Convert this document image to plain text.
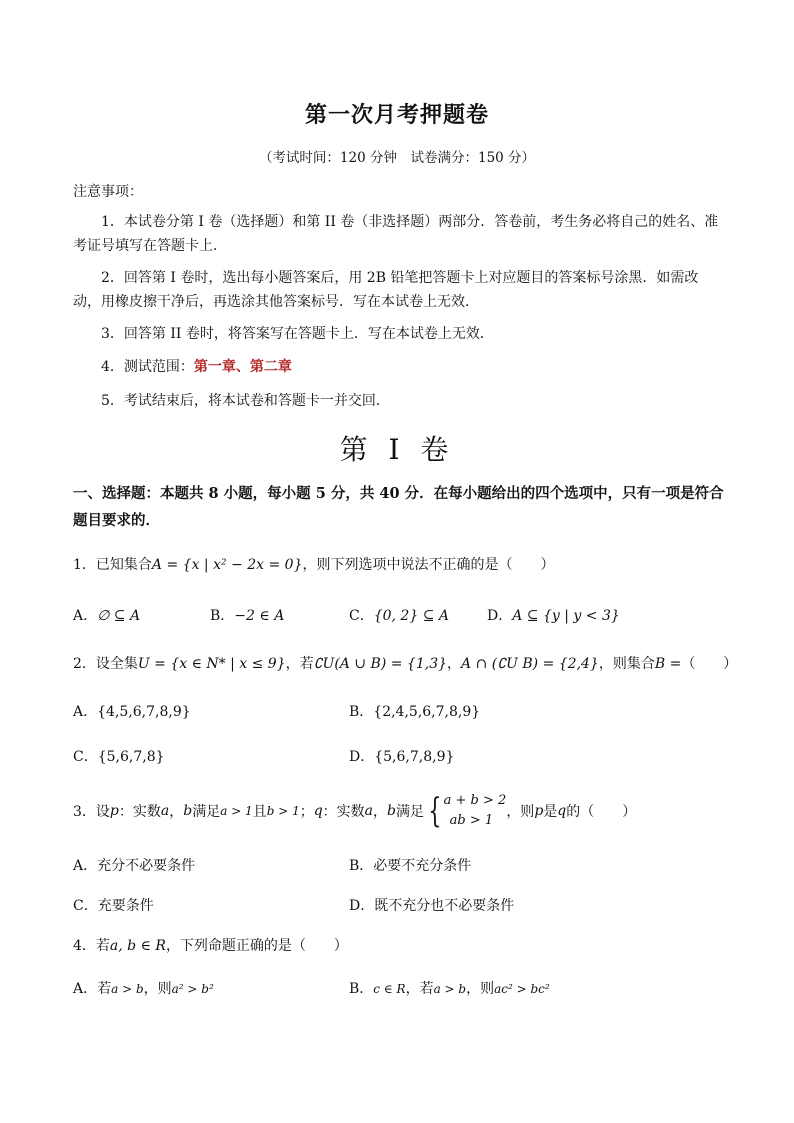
第一次月考押题卷
（考试时间：120 分钟　试卷满分：150 分）
注意事项：
1．本试卷分第 I 卷（选择题）和第 II 卷（非选择题）两部分．答卷前，考生务必将自己的姓名、准考证号填写在答题卡上．
2．回答第 I 卷时，选出每小题答案后，用 2B 铅笔把答题卡上对应题目的答案标号涂黑．如需改动，用橡皮擦干净后，再选涂其他答案标号．写在本试卷上无效．
3．回答第 II 卷时，将答案写在答题卡上．写在本试卷上无效．
4．测试范围：第一章、第二章
5．考试结束后，将本试卷和答题卡一并交回．
第 I 卷
一、选择题：本题共 8 小题，每小题 5 分，共 40 分．在每小题给出的四个选项中，只有一项是符合题目要求的．
1．已知集合A = {x | x² − 2x = 0}，则下列选项中说法不正确的是（　　）
A．∅ ⊆ A	B．−2 ∈ A	C．{0, 2} ⊆ A	D．A ⊆ {y | y < 3}
2．设全集U = {x ∈ N* | x ≤ 9}，若∁U(A ∪ B) = {1,3}，A ∩ (∁U B) = {2,4}，则集合B =（　　）
A．{4,5,6,7,8,9}	B．{2,4,5,6,7,8,9}
C．{5,6,7,8}	D．{5,6,7,8,9}
3．设 p ：实数 a ， b 满足 a > 1 且 b > 1 ； q ：实数 a ， b 满足 { a + b > 2
ab > 1
，则 p 是 q 的（　　）
A．充分不必要条件	B．必要不充分条件
C．充要条件	D．既不充分也不必要条件
4．若a, b ∈ R，下列命题正确的是（　　）
A．若a > b，则a² > b²	B．c ∈ R，若a > b，则ac² > bc²
